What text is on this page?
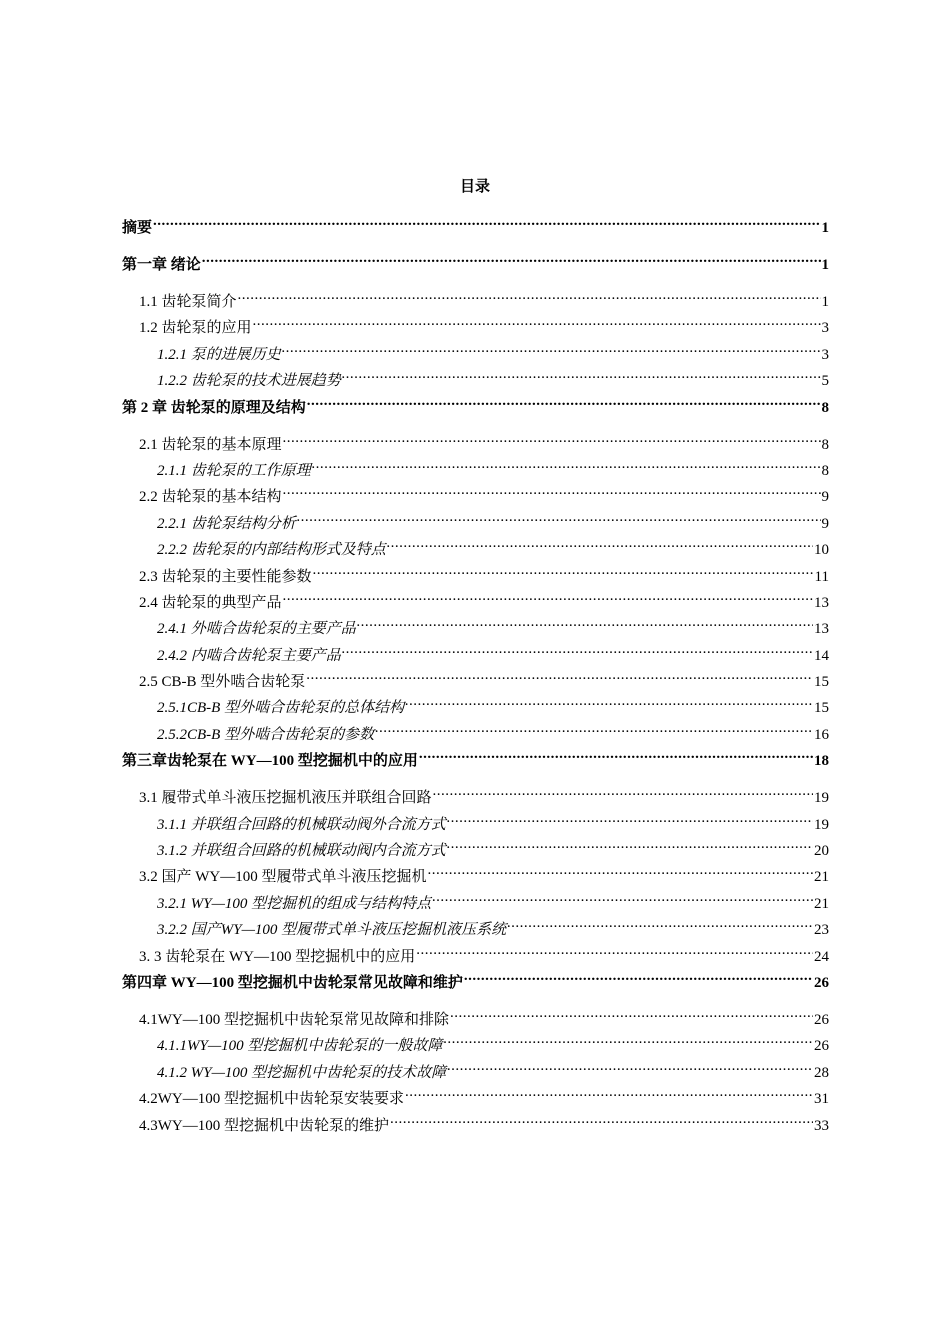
目录
摘要 .....	1
第一章 绪论 .....	1
1.1 齿轮泵简介 .....	1
1.2 齿轮泵的应用 .....	3
1.2.1 泵的进展历史 .....	3
1.2.2 齿轮泵的技术进展趋势 .....	5
第 2 章 齿轮泵的原理及结构 .....	8
2.1 齿轮泵的基本原理 .....	8
2.1.1 齿轮泵的工作原理 .....	8
2.2 齿轮泵的基本结构 .....	9
2.2.1 齿轮泵结构分析 .....	9
2.2.2 齿轮泵的内部结构形式及特点 .....	10
2.3 齿轮泵的主要性能参数 .....	11
2.4 齿轮泵的典型产品 .....	13
2.4.1 外啮合齿轮泵的主要产品 .....	13
2.4.2 内啮合齿轮泵主要产品 .....	14
2.5 CB-B 型外啮合齿轮泵 .....	15
2.5.1CB-B 型外啮合齿轮泵的总体结构 .....	15
2.5.2CB-B 型外啮合齿轮泵的参数 .....	16
第三章齿轮泵在 WY—100 型挖掘机中的应用 .....	18
3.1 履带式单斗液压挖掘机液压并联组合回路 .....	19
3.1.1 并联组合回路的机械联动阀外合流方式 .....	19
3.1.2 并联组合回路的机械联动阀内合流方式 .....	20
3.2 国产 WY—100 型履带式单斗液压挖掘机 .....	21
3.2.1 WY—100 型挖掘机的组成与结构特点 .....	21
3.2.2 国产WY—100 型履带式单斗液压挖掘机液压系统 .....	23
3. 3 齿轮泵在 WY—100 型挖掘机中的应用 .....	24
第四章 WY—100 型挖掘机中齿轮泵常见故障和维护 .....	26
4.1WY—100 型挖掘机中齿轮泵常见故障和排除 .....	26
4.1.1WY—100 型挖掘机中齿轮泵的一般故障 .....	26
4.1.2 WY—100 型挖掘机中齿轮泵的技术故障 .....	28
4.2WY—100 型挖掘机中齿轮泵安装要求 .....	31
4.3WY—100 型挖掘机中齿轮泵的维护 .....	33
